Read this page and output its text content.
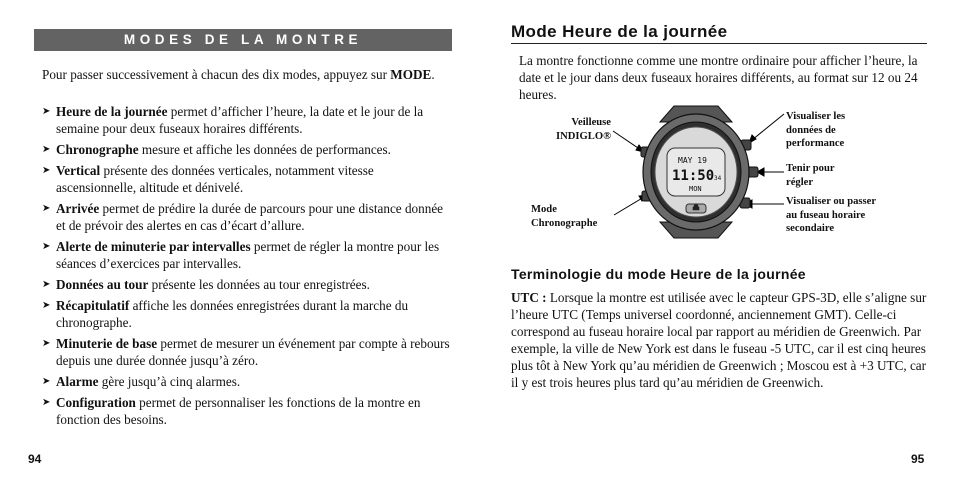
MODES DE LA MONTRE
Pour passer successivement à chacun des dix modes, appuyez sur MODE.
➤ Heure de la journée permet d’afficher l’heure, la date et le jour de la semaine pour deux fuseaux horaires différents.
➤ Chronographe mesure et affiche les données de performances.
➤ Vertical présente des données verticales, notamment vitesse ascensionnelle, altitude et dénivelé.
➤ Arrivée permet de prédire la durée de parcours pour une distance donnée et de prévoir des alertes en cas d’écart d’allure.
➤ Alerte de minuterie par intervalles permet de régler la montre pour les séances d’exercices par intervalles.
➤ Données au tour présente les données au tour enregistrées.
➤ Récapitulatif affiche les données enregistrées durant la marche du chronographe.
➤ Minuterie de base permet de mesurer un événement par compte à rebours depuis une durée donnée jusqu’à zéro.
➤ Alarme gère jusqu’à cinq alarmes.
➤ Configuration permet de personnaliser les fonctions de la montre en fonction des besoins.
94
Mode Heure de la journée
La montre fonctionne comme une montre ordinaire pour afficher l’heure, la date et le jour dans deux fuseaux horaires différents, au format sur 12 ou 24 heures.
Veilleuse
INDIGLO®
Mode
Chronographe
Visualiser les
données de
performance
Tenir pour
régler
Visualiser ou passer
au fuseau horaire
secondaire
MAY 19
11:50 34
MON
Terminologie du mode Heure de la journée
UTC : Lorsque la montre est utilisée avec le capteur GPS-3D, elle s’aligne sur l’heure UTC (Temps universel coordonné, anciennement GMT). Celle-ci correspond au fuseau horaire local par rapport au méridien de Greenwich. Par exemple, la ville de New York est dans le fuseau -5 UTC, car il est cinq heures plus tôt à New York qu’au méridien de Greenwich ; Moscou est à +3 UTC, car il y est trois heures plus tard qu’au méridien de Greenwich.
95
